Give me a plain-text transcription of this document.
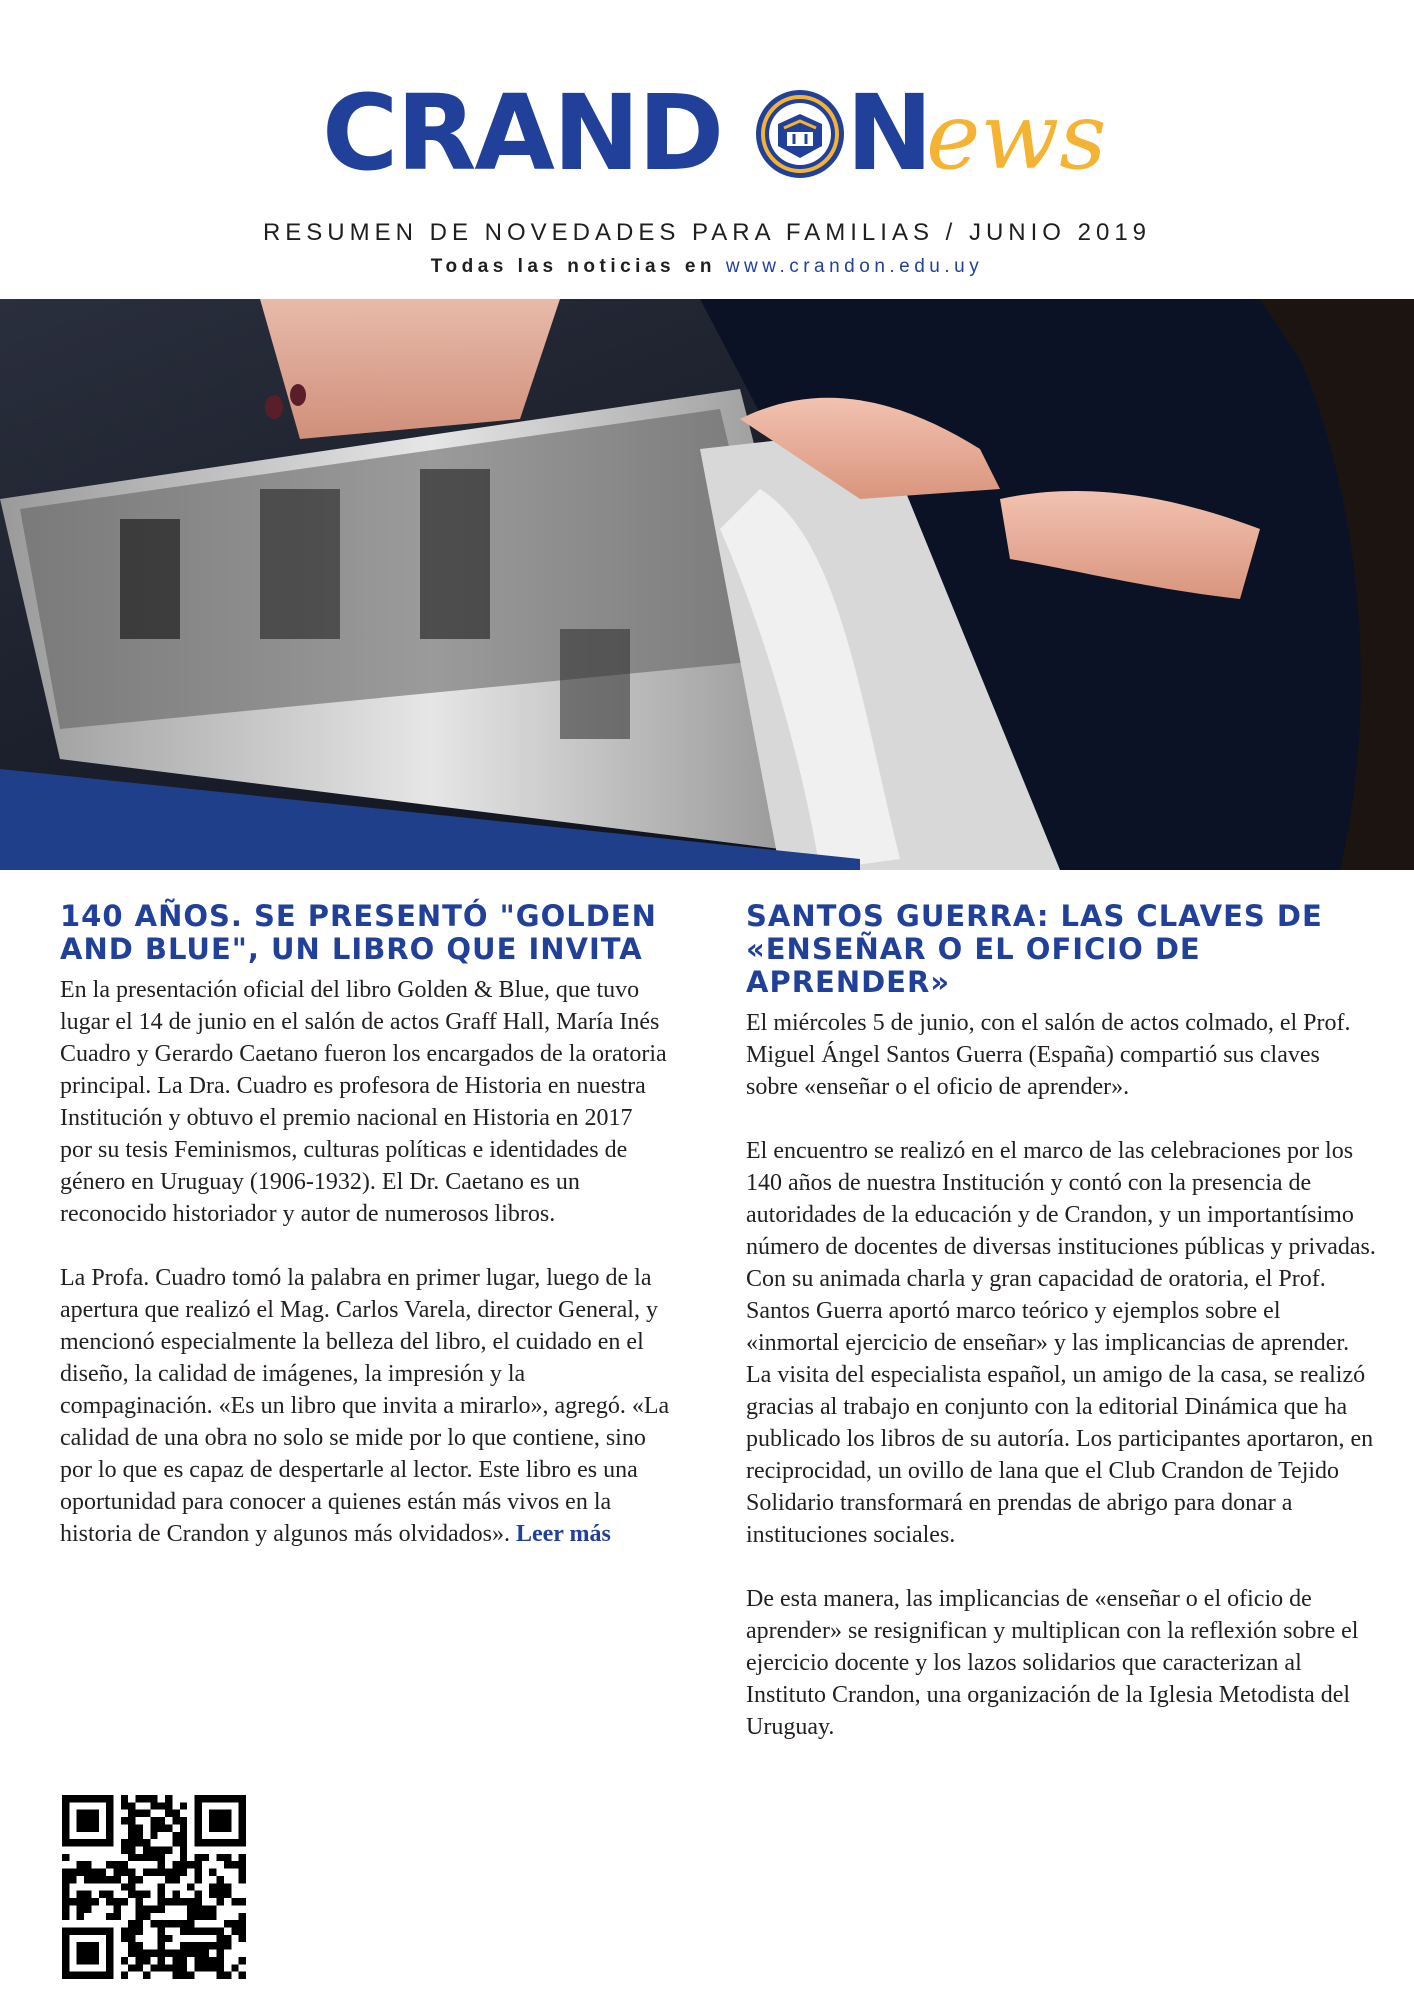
CRAND N
ews
RESUMEN DE NOVEDADES PARA FAMILIAS / JUNIO 2019
Todas las noticias en www.crandon.edu.uy
140 AÑOS. SE PRESENTÓ "GOLDEN AND BLUE", UN LIBRO QUE INVITA

En la presentación oficial del libro Golden & Blue, que tuvo lugar el 14 de junio en el salón de actos Graff Hall, María Inés Cuadro y Gerardo Caetano fueron los encargados de la oratoria principal. La Dra. Cuadro es profesora de Historia en nuestra Institución y obtuvo el premio nacional en Historia en 2017 por su tesis Feminismos, culturas políticas e identidades de género en Uruguay (1906-1932). El Dr. Caetano es un reconocido historiador y autor de numerosos libros.

La Profa. Cuadro tomó la palabra en primer lugar, luego de la apertura que realizó el Mag. Carlos Varela, director General, y mencionó especialmente la belleza del libro, el cuidado en el diseño, la calidad de imágenes, la impresión y la compaginación. «Es un libro que invita a mirarlo», agregó. «La calidad de una obra no solo se mide por lo que contiene, sino por lo que es capaz de despertarle al lector. Este libro es una oportunidad para conocer a quienes están más vivos en la historia de Crandon y algunos más olvidados». Leer más

SANTOS GUERRA: LAS CLAVES DE «ENSEÑAR O EL OFICIO DE APRENDER»

El miércoles 5 de junio, con el salón de actos colmado, el Prof. Miguel Ángel Santos Guerra (España) compartió sus claves sobre «enseñar o el oficio de aprender».

El encuentro se realizó en el marco de las celebraciones por los 140 años de nuestra Institución y contó con la presencia de autoridades de la educación y de Crandon, y un importantísimo número de docentes de diversas instituciones públicas y privadas. Con su animada charla y gran capacidad de oratoria, el Prof. Santos Guerra aportó marco teórico y ejemplos sobre el «inmortal ejercicio de enseñar» y las implicancias de aprender. La visita del especialista español, un amigo de la casa, se realizó gracias al trabajo en conjunto con la editorial Dinámica que ha publicado los libros de su autoría. Los participantes aportaron, en reciprocidad, un ovillo de lana que el Club Crandon de Tejido Solidario transformará en prendas de abrigo para donar a instituciones sociales.

De esta manera, las implicancias de «enseñar o el oficio de aprender» se resignifican y multiplican con la reflexión sobre el ejercicio docente y los lazos solidarios que caracterizan al Instituto Crandon, una organización de la Iglesia Metodista del Uruguay.
